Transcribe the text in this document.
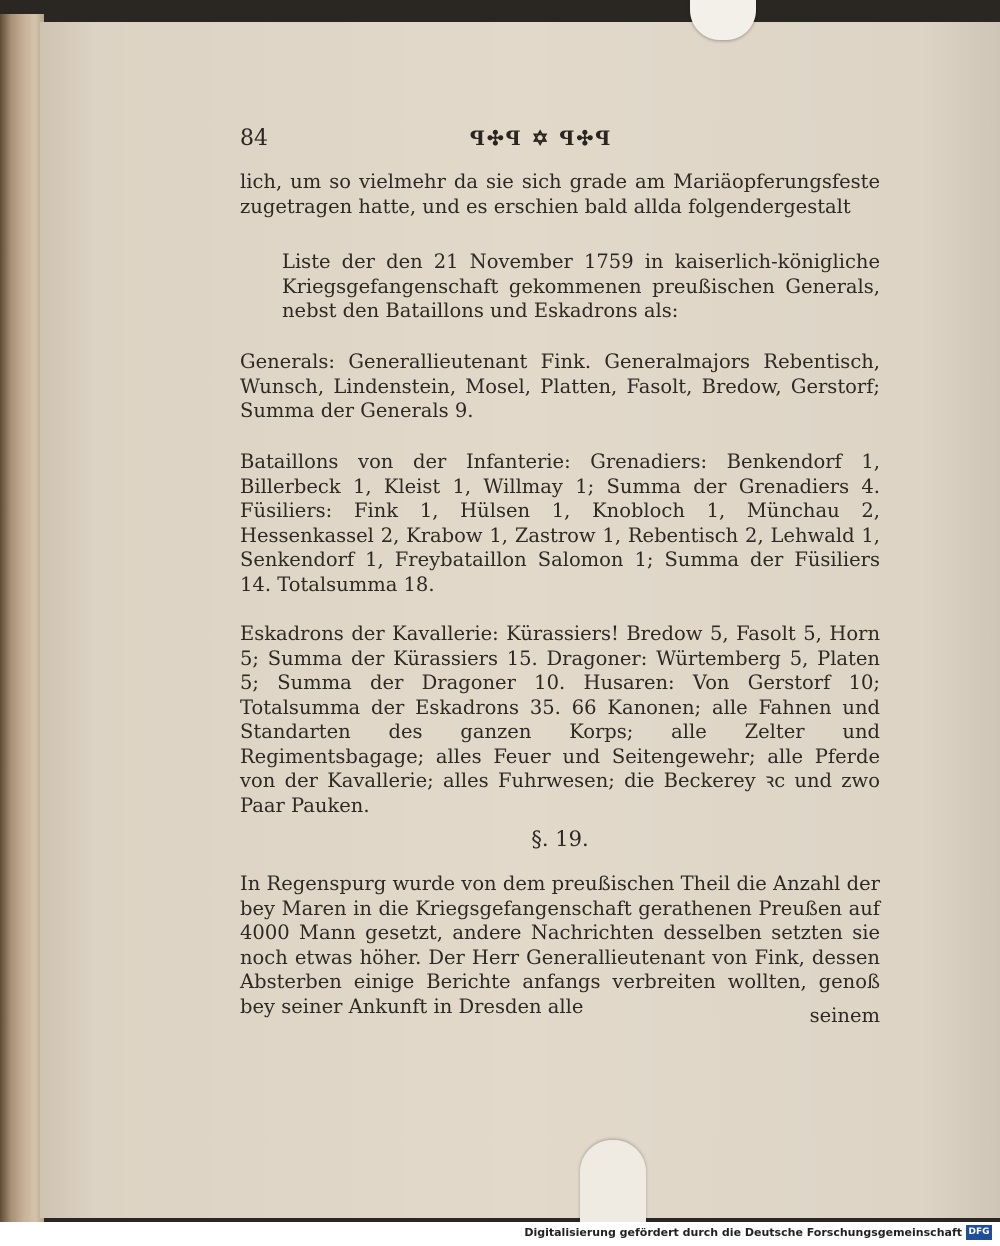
84	ꟼ✣ꟼ ✡ ꟼ✣ꟼ
lich, um so vielmehr da sie sich grade am Mariäopferungsfeste zugetragen hatte, und es erschien bald allda folgendergestalt
Liste der den 21 November 1759 in kaiserlich-königliche Kriegsgefangenschaft gekommenen preußischen Generals, nebst den Bataillons und Eskadrons als:
Generals: Generallieutenant Fink. Generalmajors Rebentisch, Wunsch, Lindenstein, Mosel, Platten, Fasolt, Bredow, Gerstorf; Summa der Generals 9.
Bataillons von der Infanterie: Grenadiers: Benkendorf 1, Billerbeck 1, Kleist 1, Willmay 1; Summa der Grenadiers 4. Füsiliers: Fink 1, Hülsen 1, Knobloch 1, Münchau 2, Hessenkassel 2, Krabow 1, Zastrow 1, Rebentisch 2, Lehwald 1, Senkendorf 1, Freybataillon Salomon 1; Summa der Füsiliers 14. Totalsumma 18.
Eskadrons der Kavallerie: Kürassiers! Bredow 5, Fasolt 5, Horn 5; Summa der Kürassiers 15. Dragoner: Würtemberg 5, Platen 5; Summa der Dragoner 10. Husaren: Von Gerstorf 10; Totalsumma der Eskadrons 35. 66 Kanonen; alle Fahnen und Standarten des ganzen Korps; alle Zelter und Regimentsbagage; alles Feuer und Seitengewehr; alle Pferde von der Kavallerie; alles Fuhrwesen; die Beckerey ꝛc und zwo Paar Pauken.
§. 19.
In Regenspurg wurde von dem preußischen Theil die Anzahl der bey Maren in die Kriegsgefangenschaft gerathenen Preußen auf 4000 Mann gesetzt, andere Nachrichten desselben setzten sie noch etwas höher. Der Herr Generallieutenant von Fink, dessen Absterben einige Berichte anfangs verbreiten wollten, genoß bey seiner Ankunft in Dresden alle	seinem
Digitalisierung gefördert durch die Deutsche Forschungsgemeinschaft DFG
